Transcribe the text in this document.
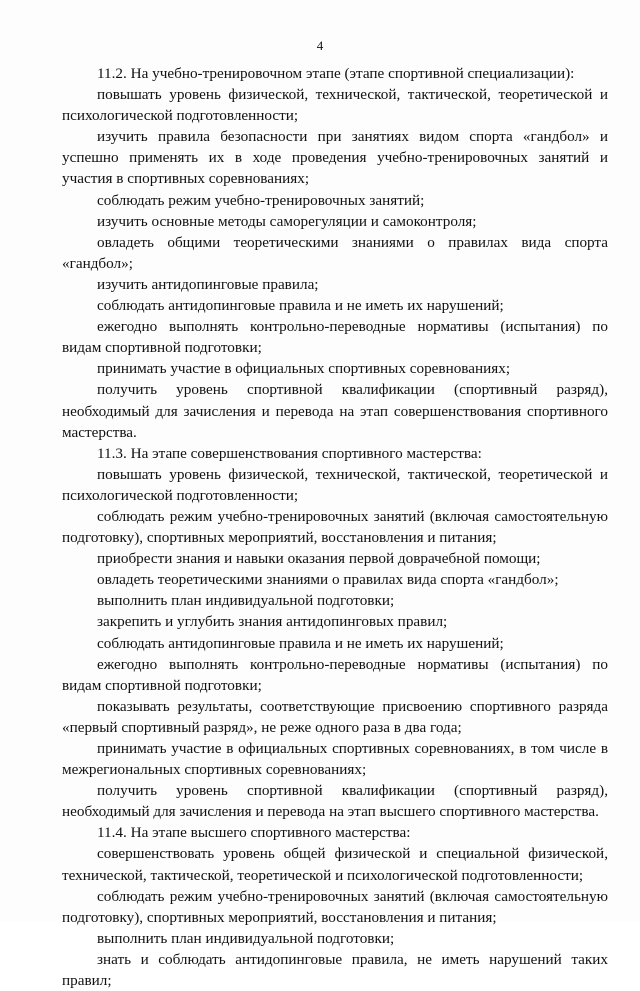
4

11.2. На учебно-тренировочном этапе (этапе спортивной специализации):

повышать уровень физической, технической, тактической, теоретической и психологической подготовленности;

изучить правила безопасности при занятиях видом спорта «гандбол» и успешно применять их в ходе проведения учебно-тренировочных занятий и участия в спортивных соревнованиях;

соблюдать режим учебно-тренировочных занятий;

изучить основные методы саморегуляции и самоконтроля;

овладеть общими теоретическими знаниями о правилах вида спорта «гандбол»;

изучить антидопинговые правила;

соблюдать антидопинговые правила и не иметь их нарушений;

ежегодно выполнять контрольно-переводные нормативы (испытания) по видам спортивной подготовки;

принимать участие в официальных спортивных соревнованиях;

получить уровень спортивной квалификации (спортивный разряд), необходимый для зачисления и перевода на этап совершенствования спортивного мастерства.

11.3. На этапе совершенствования спортивного мастерства:

повышать уровень физической, технической, тактической, теоретической и психологической подготовленности;

соблюдать режим учебно-тренировочных занятий (включая самостоятельную подготовку), спортивных мероприятий, восстановления и питания;

приобрести знания и навыки оказания первой доврачебной помощи;

овладеть теоретическими знаниями о правилах вида спорта «гандбол»;

выполнить план индивидуальной подготовки;

закрепить и углубить знания антидопинговых правил;

соблюдать антидопинговые правила и не иметь их нарушений;

ежегодно выполнять контрольно-переводные нормативы (испытания) по видам спортивной подготовки;

показывать результаты, соответствующие присвоению спортивного разряда «первый спортивный разряд», не реже одного раза в два года;

принимать участие в официальных спортивных соревнованиях, в том числе в межрегиональных спортивных соревнованиях;

получить уровень спортивной квалификации (спортивный разряд), необходимый для зачисления и перевода на этап высшего спортивного мастерства.

11.4. На этапе высшего спортивного мастерства:

совершенствовать уровень общей физической и специальной физической, технической, тактической, теоретической и психологической подготовленности;

соблюдать режим учебно-тренировочных занятий (включая самостоятельную подготовку), спортивных мероприятий, восстановления и питания;

выполнить план индивидуальной подготовки;

знать и соблюдать антидопинговые правила, не иметь нарушений таких правил;
